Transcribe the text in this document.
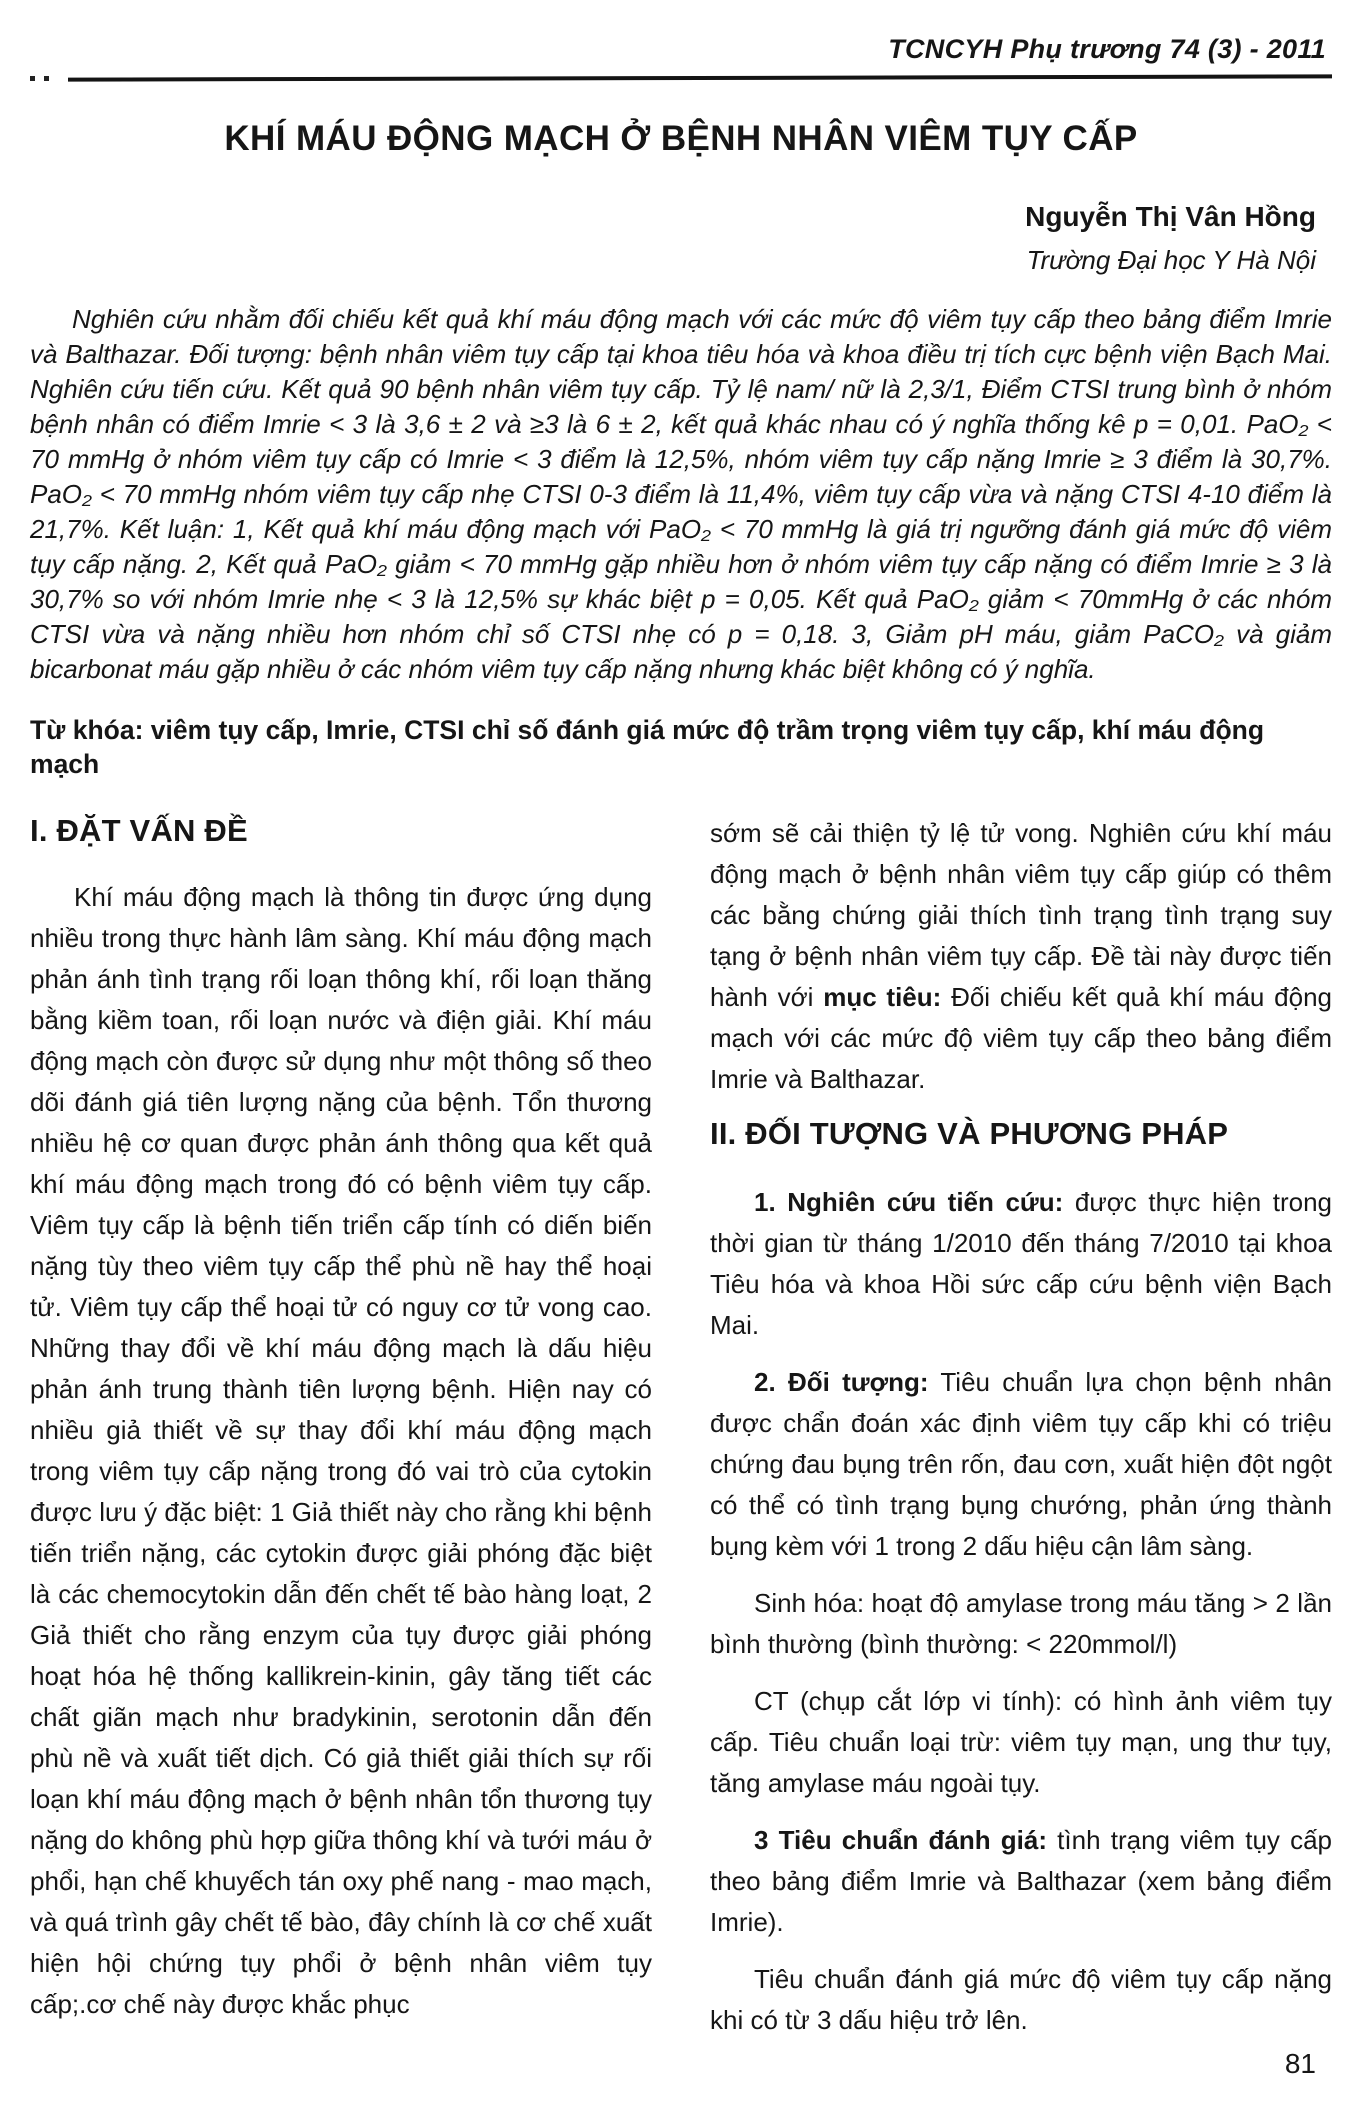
TCNCYH Phụ trương 74 (3) - 2011
KHÍ MÁU ĐỘNG MẠCH Ở BỆNH NHÂN VIÊM TỤY CẤP
Nguyễn Thị Vân Hồng
Trường Đại học Y Hà Nội

Nghiên cứu nhằm đối chiếu kết quả khí máu động mạch với các mức độ viêm tụy cấp theo bảng điểm Imrie và Balthazar. Đối tượng: bệnh nhân viêm tụy cấp tại khoa tiêu hóa và khoa điều trị tích cực bệnh viện Bạch Mai. Nghiên cứu tiến cứu. Kết quả 90 bệnh nhân viêm tụy cấp. Tỷ lệ nam/ nữ là 2,3/1, Điểm CTSI trung bình ở nhóm bệnh nhân có điểm Imrie < 3 là 3,6 ± 2 và ≥3 là 6 ± 2, kết quả khác nhau có ý nghĩa thống kê p = 0,01. PaO₂ < 70 mmHg ở nhóm viêm tụy cấp có Imrie < 3 điểm là 12,5%, nhóm viêm tụy cấp nặng Imrie ≥ 3 điểm là 30,7%. PaO₂ < 70 mmHg nhóm viêm tụy cấp nhẹ CTSI 0-3 điểm là 11,4%, viêm tụy cấp vừa và nặng CTSI 4-10 điểm là 21,7%. Kết luận: 1, Kết quả khí máu động mạch với PaO₂ < 70 mmHg là giá trị ngưỡng đánh giá mức độ viêm tụy cấp nặng. 2, Kết quả PaO₂ giảm < 70 mmHg gặp nhiều hơn ở nhóm viêm tụy cấp nặng có điểm Imrie ≥ 3 là 30,7% so với nhóm Imrie nhẹ < 3 là 12,5% sự khác biệt p = 0,05. Kết quả PaO₂ giảm < 70mmHg ở các nhóm CTSI vừa và nặng nhiều hơn nhóm chỉ số CTSI nhẹ có p = 0,18. 3, Giảm pH máu, giảm PaCO₂ và giảm bicarbonat máu gặp nhiều ở các nhóm viêm tụy cấp nặng nhưng khác biệt không có ý nghĩa.

Từ khóa: viêm tụy cấp, Imrie, CTSI chỉ số đánh giá mức độ trầm trọng viêm tụy cấp, khí máu động mạch

I. ĐẶT VẤN ĐỀ

Khí máu động mạch là thông tin được ứng dụng nhiều trong thực hành lâm sàng. Khí máu động mạch phản ánh tình trạng rối loạn thông khí, rối loạn thăng bằng kiềm toan, rối loạn nước và điện giải. Khí máu động mạch còn được sử dụng như một thông số theo dõi đánh giá tiên lượng nặng của bệnh. Tổn thương nhiều hệ cơ quan được phản ánh thông qua kết quả khí máu động mạch trong đó có bệnh viêm tụy cấp. Viêm tụy cấp là bệnh tiến triển cấp tính có diến biến nặng tùy theo viêm tụy cấp thể phù nề hay thể hoại tử. Viêm tụy cấp thể hoại tử có nguy cơ tử vong cao. Những thay đổi về khí máu động mạch là dấu hiệu phản ánh trung thành tiên lượng bệnh. Hiện nay có nhiều giả thiết về sự thay đổi khí máu động mạch trong viêm tụy cấp nặng trong đó vai trò của cytokin được lưu ý đặc biệt: 1 Giả thiết này cho rằng khi bệnh tiến triển nặng, các cytokin được giải phóng đặc biệt là các chemocytokin dẫn đến chết tế bào hàng loạt, 2 Giả thiết cho rằng enzym của tụy được giải phóng hoạt hóa hệ thống kallikrein-kinin, gây tăng tiết các chất giãn mạch như bradykinin, serotonin dẫn đến phù nề và xuất tiết dịch. Có giả thiết giải thích sự rối loạn khí máu động mạch ở bệnh nhân tổn thương tụy nặng do không phù hợp giữa thông khí và tưới máu ở phổi, hạn chế khuyếch tán oxy phế nang - mao mạch, và quá trình gây chết tế bào, đây chính là cơ chế xuất hiện hội chứng tụy phổi ở bệnh nhân viêm tụy cấp;.cơ chế này được khắc phục

sớm sẽ cải thiện tỷ lệ tử vong. Nghiên cứu khí máu động mạch ở bệnh nhân viêm tụy cấp giúp có thêm các bằng chứng giải thích tình trạng tình trạng suy tạng ở bệnh nhân viêm tụy cấp. Đề tài này được tiến hành với mục tiêu: Đối chiếu kết quả khí máu động mạch với các mức độ viêm tụy cấp theo bảng điểm Imrie và Balthazar.

II. ĐỐI TƯỢNG VÀ PHƯƠNG PHÁP

1. Nghiên cứu tiến cứu: được thực hiện trong thời gian từ tháng 1/2010 đến tháng 7/2010 tại khoa Tiêu hóa và khoa Hồi sức cấp cứu bệnh viện Bạch Mai.

2. Đối tượng: Tiêu chuẩn lựa chọn bệnh nhân được chẩn đoán xác định viêm tụy cấp khi có triệu chứng đau bụng trên rốn, đau cơn, xuất hiện đột ngột có thể có tình trạng bụng chướng, phản ứng thành bụng kèm với 1 trong 2 dấu hiệu cận lâm sàng.

Sinh hóa: hoạt độ amylase trong máu tăng > 2 lần bình thường (bình thường: < 220mmol/l)

CT (chụp cắt lớp vi tính): có hình ảnh viêm tụy cấp. Tiêu chuẩn loại trừ: viêm tụy mạn, ung thư tụy, tăng amylase máu ngoài tụy.

3 Tiêu chuẩn đánh giá: tình trạng viêm tụy cấp theo bảng điểm Imrie và Balthazar (xem bảng điểm Imrie).

Tiêu chuẩn đánh giá mức độ viêm tụy cấp nặng khi có từ 3 dấu hiệu trở lên.

81
